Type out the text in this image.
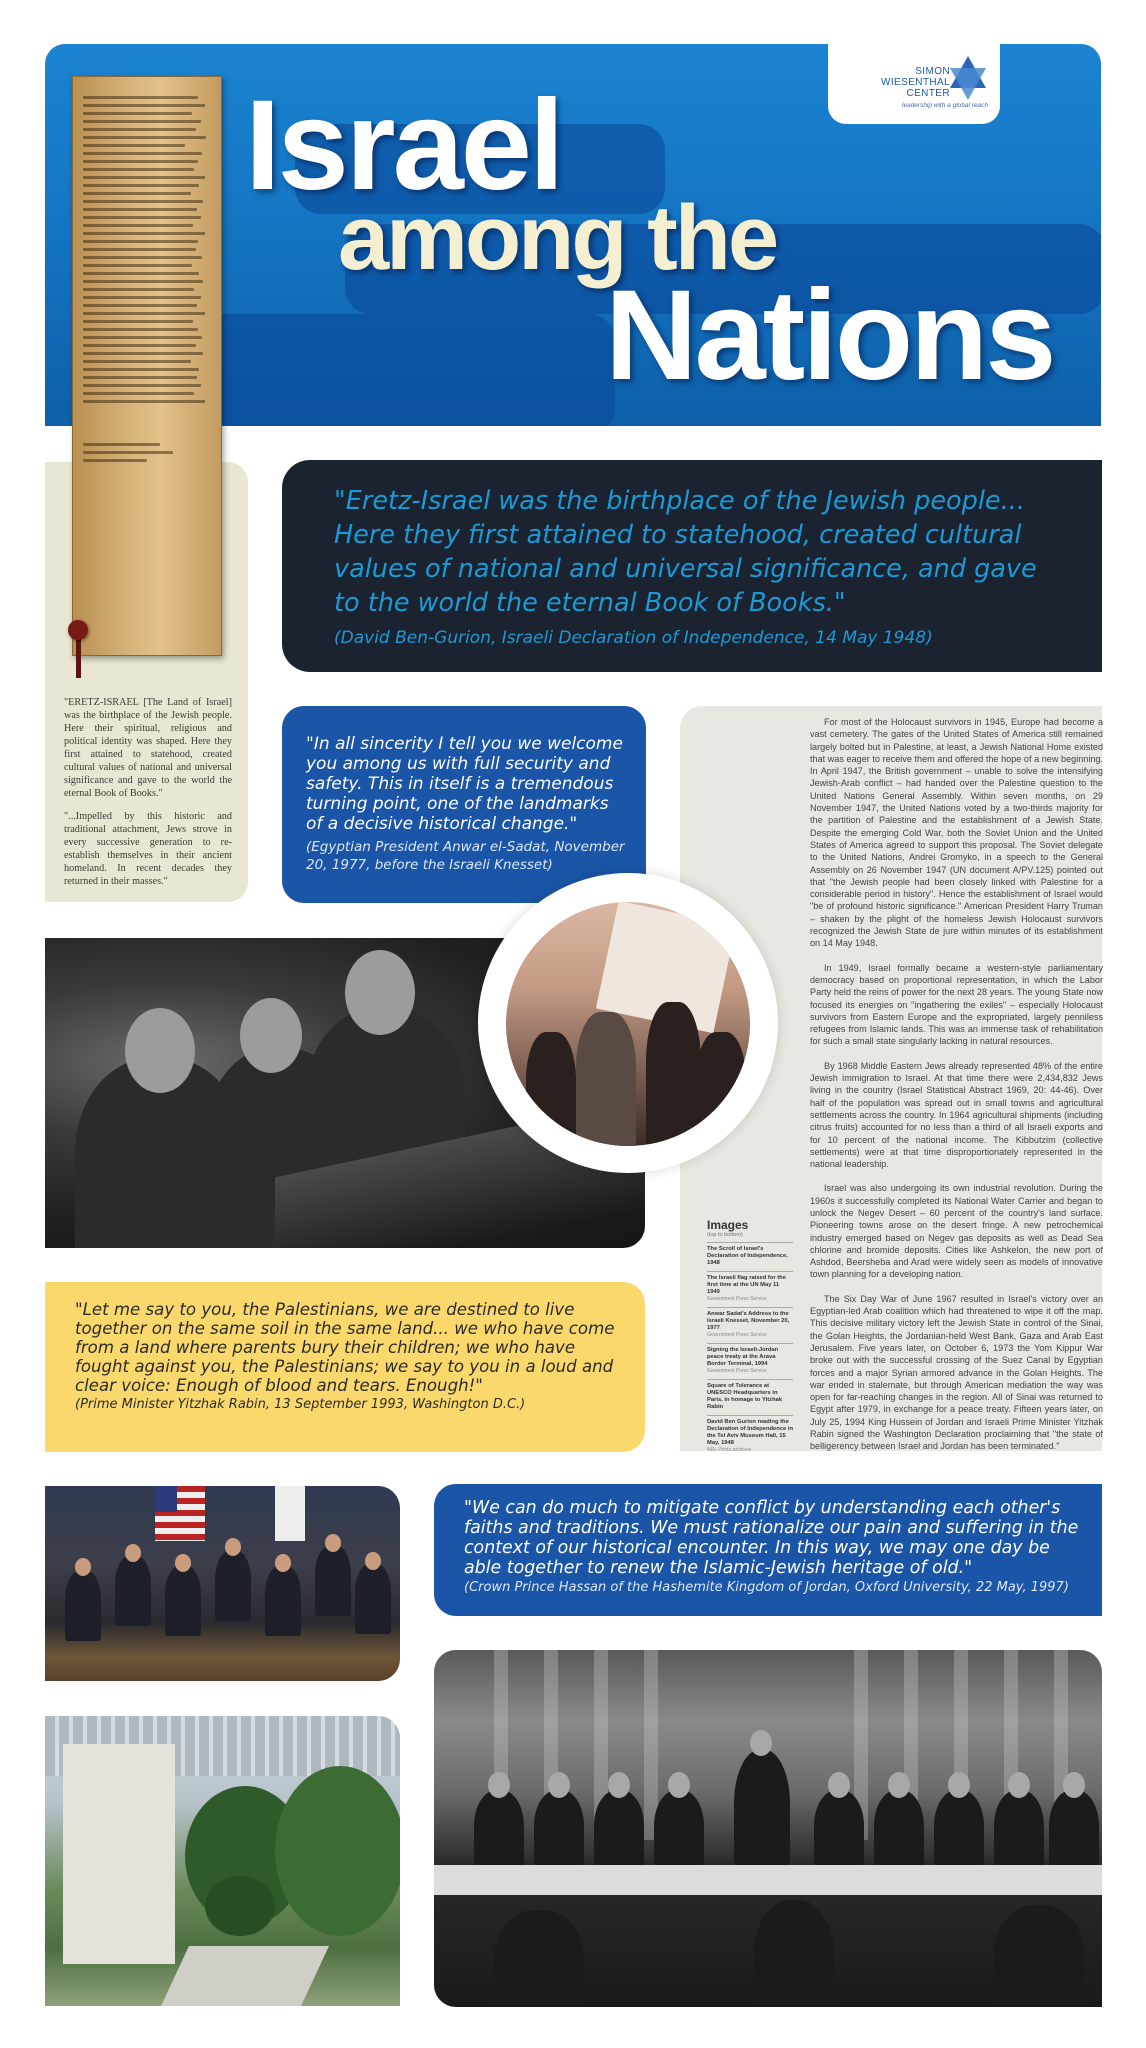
SIMON
WIESENTHAL
CENTER
leadership with a global reach
Israel
among the
Nations

"ERETZ-ISRAEL [The Land of Israel] was the birthplace of the Jewish people. Here their spiritual, religious and political identity was shaped. Here they first attained to statehood, created cultural values of national and universal significance and gave to the world the eternal Book of Books."

"...Impelled by this historic and traditional attachment, Jews strove in every successive generation to re-establish themselves in their ancient homeland. In recent decades they returned in their masses."

"Eretz-Israel was the birthplace of the Jewish people... Here they first attained to statehood, created cultural values of national and universal significance, and gave to the world the eternal Book of Books."
(David Ben-Gurion, Israeli Declaration of Independence, 14 May 1948)

For most of the Holocaust survivors in 1945, Europe had become a vast cemetery. The gates of the United States of America still remained largely bolted but in Palestine, at least, a Jewish National Home existed that was eager to receive them and offered the hope of a new beginning. In April 1947, the British government – unable to solve the intensifying Jewish-Arab conflict – had handed over the Palestine question to the United Nations General Assembly. Within seven months, on 29 November 1947, the United Nations voted by a two-thirds majority for the partition of Palestine and the establishment of a Jewish State. Despite the emerging Cold War, both the Soviet Union and the United States of America agreed to support this proposal. The Soviet delegate to the United Nations, Andrei Gromyko, in a speech to the General Assembly on 26 November 1947 (UN document A/PV.125) pointed out that "the Jewish people had been closely linked with Palestine for a considerable period in history". Hence the establishment of Israel would "be of profound historic significance." American President Harry Truman – shaken by the plight of the homeless Jewish Holocaust survivors recognized the Jewish State de jure within minutes of its establishment on 14 May 1948.

In 1949, Israel formally became a western-style parliamentary democracy based on proportional representation, in which the Labor Party held the reins of power for the next 28 years. The young State now focused its energies on "ingathering the exiles" – especially Holocaust survivors from Eastern Europe and the expropriated, largely penniless refugees from Islamic lands. This was an immense task of rehabilitation for such a small state singularly lacking in natural resources.

By 1968 Middle Eastern Jews already represented 48% of the entire Jewish immigration to Israel. At that time there were 2,434,832 Jews living in the country (Israel Statistical Abstract 1969, 20: 44-46). Over half of the population was spread out in small towns and agricultural settlements across the country. In 1964 agricultural shipments (including citrus fruits) accounted for no less than a third of all Israeli exports and for 10 percent of the national income. The Kibbutzim (collective settlements) were at that time disproportionately represented in the national leadership.

Israel was also undergoing its own industrial revolution. During the 1960s it successfully completed its National Water Carrier and began to unlock the Negev Desert – 60 percent of the country's land surface. Pioneering towns arose on the desert fringe. A new petrochemical industry emerged based on Negev gas deposits as well as Dead Sea chlorine and bromide deposits. Cities like Ashkelon, the new port of Ashdod, Beersheba and Arad were widely seen as models of innovative town planning for a developing nation.

The Six Day War of June 1967 resulted in Israel's victory over an Egyptian-led Arab coalition which had threatened to wipe it off the map. This decisive military victory left the Jewish State in control of the Sinai, the Golan Heights, the Jordanian-held West Bank, Gaza and Arab East Jerusalem. Five years later, on October 6, 1973 the Yom Kippur War broke out with the successful crossing of the Suez Canal by Egyptian forces and a major Syrian armored advance in the Golan Heights. The war ended in stalemate, but through American mediation the way was open for far-reaching changes in the region. All of Sinai was returned to Egypt after 1979, in exchange for a peace treaty. Fifteen years later, on July 25, 1994 King Hussein of Jordan and Israeli Prime Minister Yitzhak Rabin signed the Washington Declaration proclaiming that "the state of belligerency between Israel and Jordan has been terminated."

Images
(top to bottom)
The Scroll of Israel's Declaration of Independence, 1948
The Israeli flag raised for the first time at the UN May 11 1949
Government Press Service
Anwar Sadat's Address to the Israeli Knesset, November 20, 1977
Government Press Service
Signing the Israeli-Jordan peace treaty at the Arava Border Terminal, 1994
Government Press Service
Square of Tolerance at UNESCO Headquarters in Paris, in homage to Yitzhak Rabin
David Ben Gurion reading the Declaration of Independence in the Tel Aviv Museum Hall, 15 May, 1948
NRL Photo archives
"In all sincerity I tell you we welcome you among us with full security and safety. This in itself is a tremendous turning point, one of the landmarks of a decisive historical change."
(Egyptian President Anwar el-Sadat, November 20, 1977, before the Israeli Knesset)
"Let me say to you, the Palestinians, we are destined to live together on the same soil in the same land... we who have come from a land where parents bury their children; we who have fought against you, the Palestinians; we say to you in a loud and clear voice: Enough of blood and tears. Enough!"
(Prime Minister Yitzhak Rabin, 13 September 1993, Washington D.C.)
"We can do much to mitigate conflict by understanding each other's faiths and traditions. We must rationalize our pain and suffering in the context of our historical encounter. In this way, we may one day be able together to renew the Islamic-Jewish heritage of old."
(Crown Prince Hassan of the Hashemite Kingdom of Jordan, Oxford University, 22 May, 1997)
